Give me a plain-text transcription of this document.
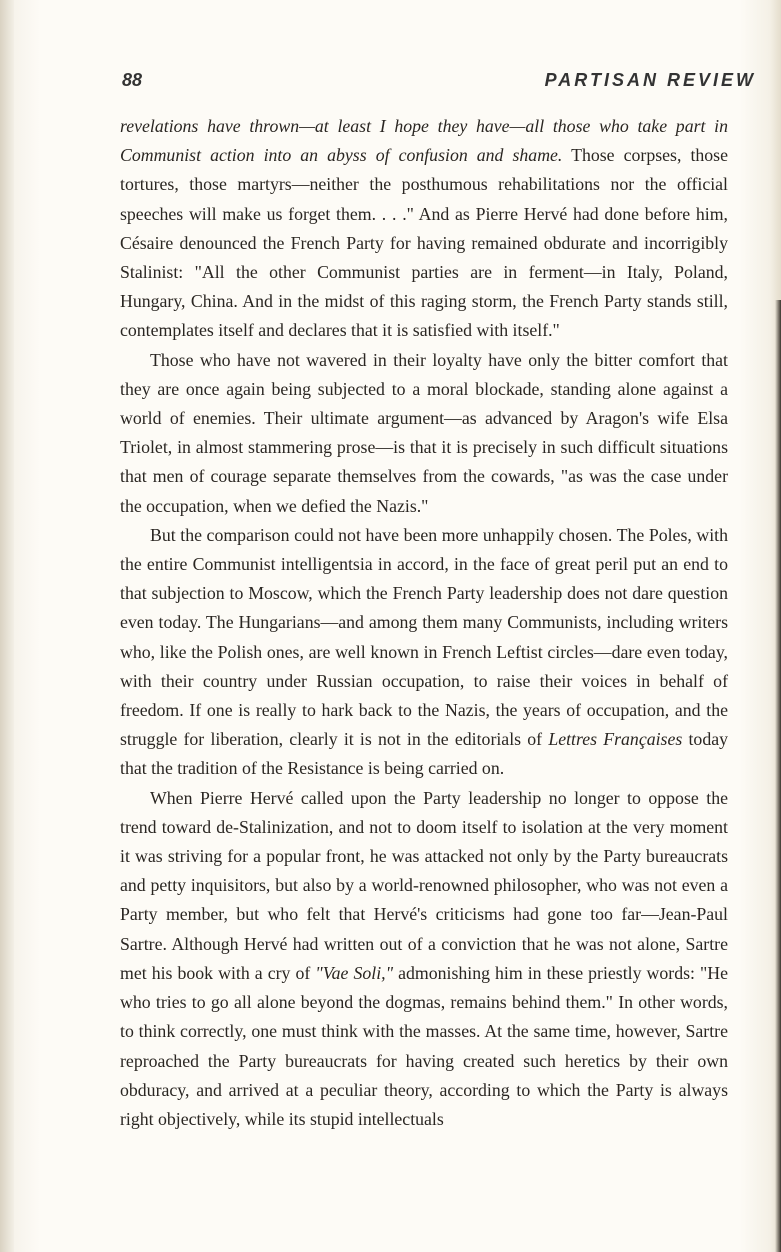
88	PARTISAN REVIEW

revelations have thrown—at least I hope they have—all those who take part in Communist action into an abyss of confusion and shame. Those corpses, those tortures, those martyrs—neither the posthumous rehabilitations nor the official speeches will make us forget them. . . ." And as Pierre Hervé had done before him, Césaire denounced the French Party for having remained obdurate and incorrigibly Stalinist: "All the other Communist parties are in ferment—in Italy, Poland, Hungary, China. And in the midst of this raging storm, the French Party stands still, contemplates itself and declares that it is satisfied with itself."

Those who have not wavered in their loyalty have only the bitter comfort that they are once again being subjected to a moral blockade, standing alone against a world of enemies. Their ultimate argument—as advanced by Aragon's wife Elsa Triolet, in almost stammering prose—is that it is precisely in such difficult situations that men of courage separate themselves from the cowards, "as was the case under the occupation, when we defied the Nazis."

But the comparison could not have been more unhappily chosen. The Poles, with the entire Communist intelligentsia in accord, in the face of great peril put an end to that subjection to Moscow, which the French Party leadership does not dare question even today. The Hungarians—and among them many Communists, including writers who, like the Polish ones, are well known in French Leftist circles—dare even today, with their country under Russian occupation, to raise their voices in behalf of freedom. If one is really to hark back to the Nazis, the years of occupation, and the struggle for liberation, clearly it is not in the editorials of Lettres Françaises today that the tradition of the Resistance is being carried on.

When Pierre Hervé called upon the Party leadership no longer to oppose the trend toward de-Stalinization, and not to doom itself to isolation at the very moment it was striving for a popular front, he was attacked not only by the Party bureaucrats and petty inquisitors, but also by a world-renowned philosopher, who was not even a Party member, but who felt that Hervé's criticisms had gone too far—Jean-Paul Sartre. Although Hervé had written out of a conviction that he was not alone, Sartre met his book with a cry of "Vae Soli," admonishing him in these priestly words: "He who tries to go all alone beyond the dogmas, remains behind them." In other words, to think correctly, one must think with the masses. At the same time, however, Sartre reproached the Party bureaucrats for having created such heretics by their own obduracy, and arrived at a peculiar theory, according to which the Party is always right objectively, while its stupid intellectuals
